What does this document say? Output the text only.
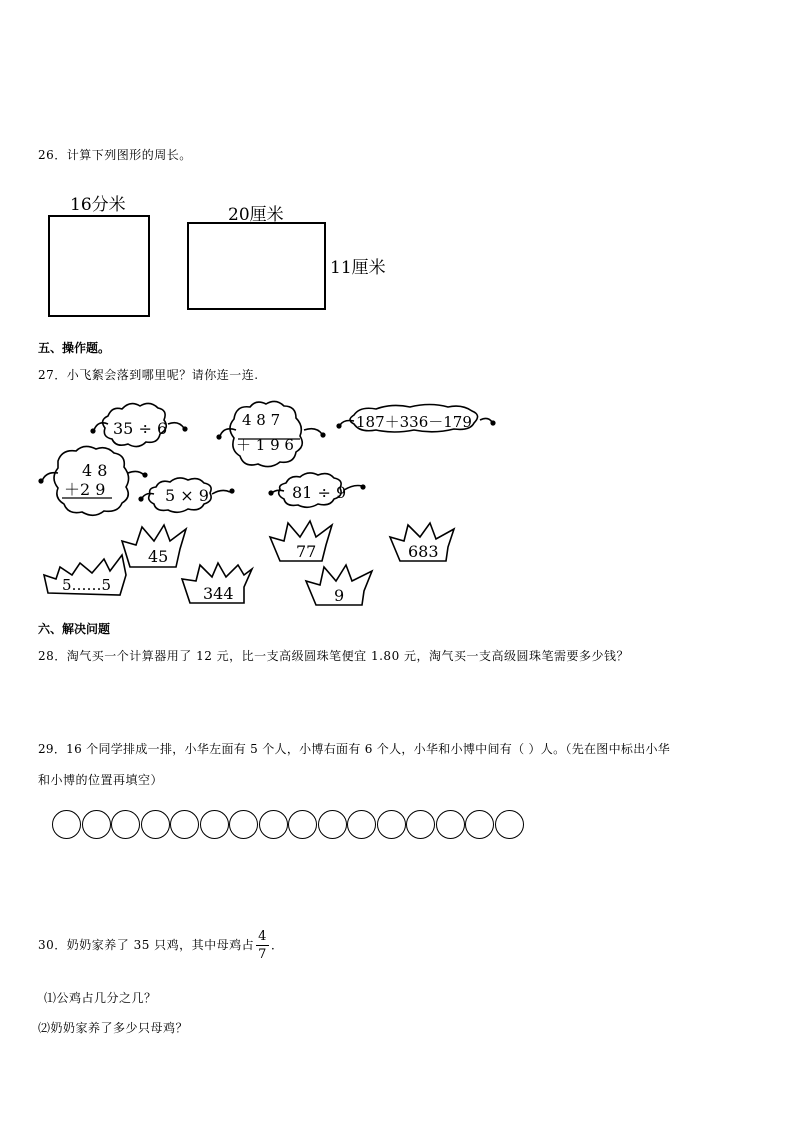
26．计算下列图形的周长。
16分米	20厘米
11厘米
五、操作题。
27．小飞絮会落到哪里呢？请你连一连.
35 ÷ 6	4 8 7
＋ 1 9 6
187＋336－179
4 8
＋2 9	5 × 9	81 ÷ 9
5……5
45
344
77
9
683
六、解决问题
28．淘气买一个计算器用了 12 元，比一支高级圆珠笔便宜 1.80 元，淘气买一支高级圆珠笔需要多少钱？
29．16 个同学排成一排，小华左面有 5 个人，小博右面有 6 个人，小华和小博中间有（ ）人。（先在图中标出小华
和小博的位置再填空）
30．奶奶家养了 35 只鸡，其中母鸡占 $\frac{4}{7}$ ．
⑴公鸡占几分之几？
⑵奶奶家养了多少只母鸡？
